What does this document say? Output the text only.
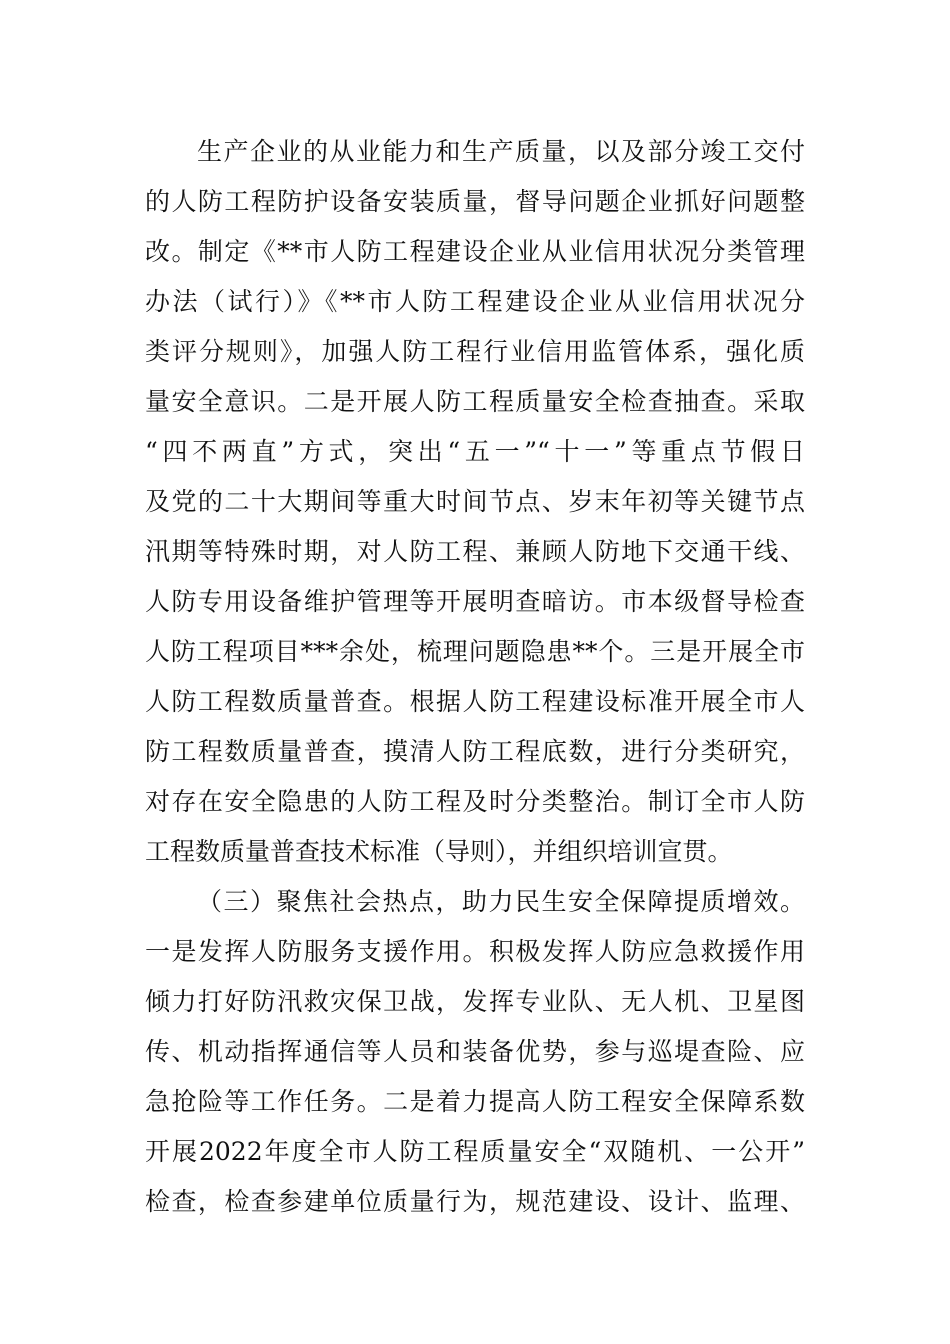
生产企业的从业能力和生产质量，以及部分竣工交付
的人防工程防护设备安装质量，督导问题企业抓好问题整
改。制定《**市人防工程建设企业从业信用状况分类管理
办法（试行）》《**市人防工程建设企业从业信用状况分
类评分规则》，加强人防工程行业信用监管体系，强化质
量安全意识。二是开展人防工程质量安全检查抽查。采取
“四不两直”方式，突出“五一”“十一”等重点节假日
及党的二十大期间等重大时间节点、岁末年初等关键节点
汛期等特殊时期，对人防工程、兼顾人防地下交通干线、
人防专用设备维护管理等开展明查暗访。市本级督导检查
人防工程项目***余处，梳理问题隐患**个。三是开展全市
人防工程数质量普查。根据人防工程建设标准开展全市人
防工程数质量普查，摸清人防工程底数，进行分类研究，
对存在安全隐患的人防工程及时分类整治。制订全市人防
工程数质量普查技术标准（导则），并组织培训宣贯。
（三）聚焦社会热点，助力民生安全保障提质增效。
一是发挥人防服务支援作用。积极发挥人防应急救援作用
倾力打好防汛救灾保卫战，发挥专业队、无人机、卫星图
传、机动指挥通信等人员和装备优势，参与巡堤查险、应
急抢险等工作任务。二是着力提高人防工程安全保障系数
开展2022年度全市人防工程质量安全“双随机、一公开”
检查，检查参建单位质量行为，规范建设、设计、监理、
